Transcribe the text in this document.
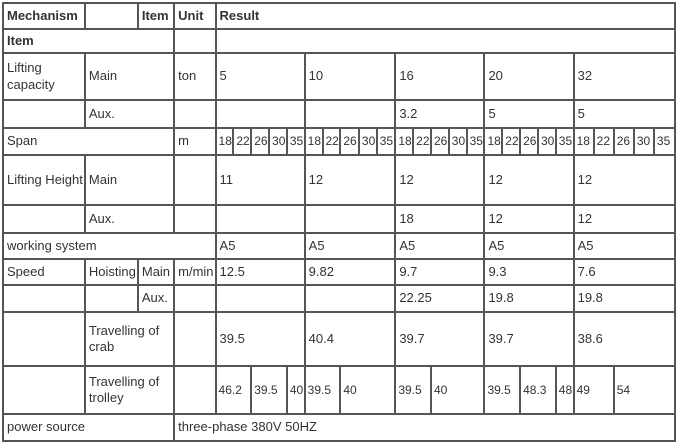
Mechanism		Item	Unit	Result																								
Item																												
Lifting capacity	Main		ton	5					10					16					20					32				
	Aux.													3.2					5					5				
Span			m	18	22	26	30	35	18	22	26	30	35	18	22	26	30	35	18	22	26	30	35	18	22	26	30	35
Lifting Height	Main			11					12					12					12					12				
	Aux.													18					12					12				
working system				A5					A5					A5					A5					A5				
Speed	Hoisting	Main	m/min	12.5					9.82					9.7					9.3					7.6				
		Aux.												22.25					19.8					19.8				
	Travelling of crab			39.5					40.4					39.7					39.7					38.6				
	Travelling of trolley			46.2		39.5		40	39.5		40			39.5		40			39.5		48.3		48	49		54		
power source			three-phase 380V 50HZ																									
